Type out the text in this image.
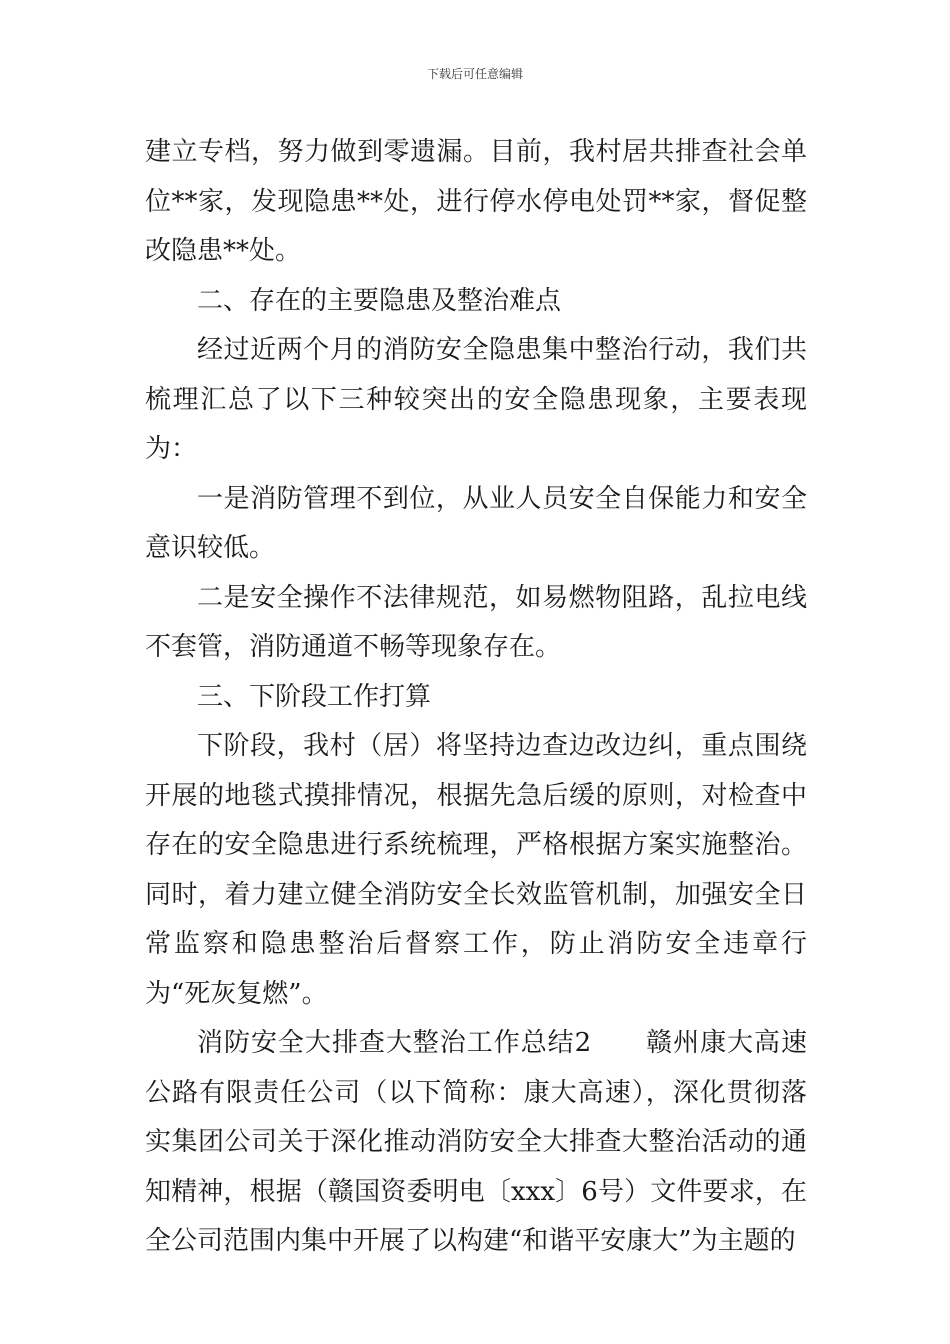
下载后可任意编辑

建立专档，努力做到零遗漏。目前，我村居共排查社会单位**家，发现隐患**处，进行停水停电处罚**家，督促整改隐患**处。

二、存在的主要隐患及整治难点

经过近两个月的消防安全隐患集中整治行动，我们共梳理汇总了以下三种较突出的安全隐患现象，主要表现为：

一是消防管理不到位，从业人员安全自保能力和安全意识较低。

二是安全操作不法律规范，如易燃物阻路，乱拉电线不套管，消防通道不畅等现象存在。

三、下阶段工作打算

下阶段，我村（居）将坚持边查边改边纠，重点围绕开展的地毯式摸排情况，根据先急后缓的原则，对检查中存在的安全隐患进行系统梳理，严格根据方案实施整治。同时，着力建立健全消防安全长效监管机制，加强安全日常监察和隐患整治后督察工作，防止消防安全违章行为“死灰复燃”。

消防安全大排查大整治工作总结2　　赣州康大高速公路有限责任公司（以下简称：康大高速），深化贯彻落实集团公司关于深化推动消防安全大排查大整治活动的通知精神，根据（赣国资委明电〔xxx〕6号）文件要求，在全公司范围内集中开展了以构建“和谐平安康大”为主题的
